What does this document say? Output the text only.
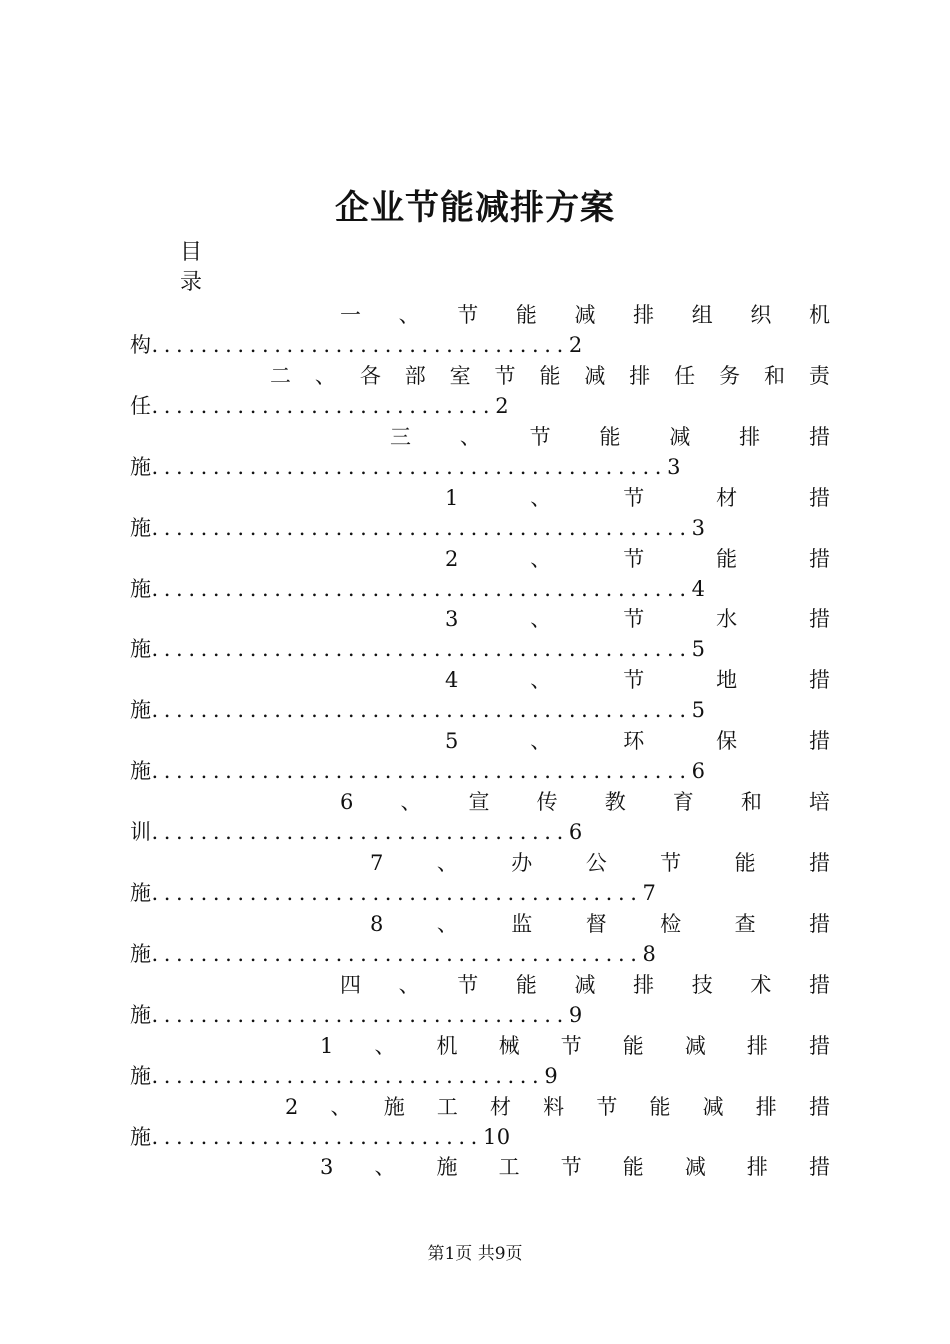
企业节能减排方案
目
录
一 、 节 能 减 排 组 织 机
构..................................2
二 、 各 部 室 节 能 减 排 任 务 和 责
任............................2
三 、 节 能 减 排 措
施..........................................3
1	、	节	材	措
施............................................3
2	、	节	能	措
施............................................4
3	、	节	水	措
施............................................5
4	、	节	地	措
施............................................5
5	、	环	保	措
施............................................6
6 、 宣 传 教 育 和 培
训..................................6
7	、	办	公	节	能	措
施........................................7
8	、	监	督	检	查	措
施........................................8
四 、 节 能 减 排 技 术 措
施..................................9
1 、 机 械 节 能 减 排 措
施................................9
2 、 施 工 材 料 节 能 减 排 措
施...........................10
3 、 施 工 节 能 减 排 措
第1页 共9页
